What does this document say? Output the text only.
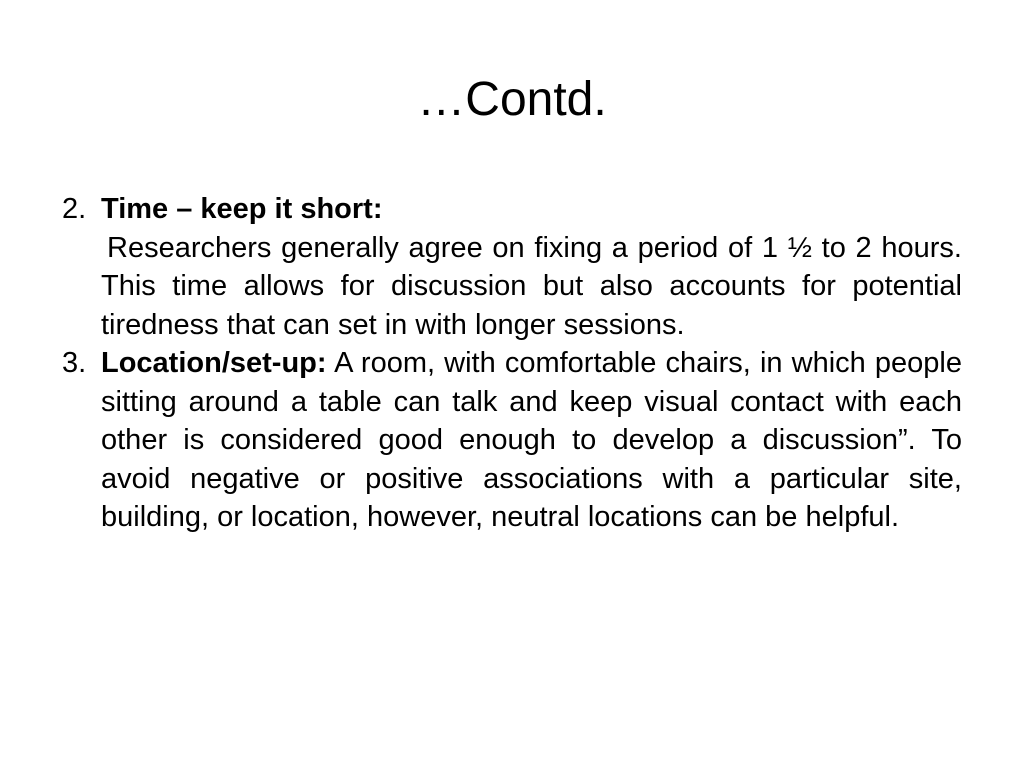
…Contd.
2. Time – keep it short:

Researchers generally agree on fixing a period of 1 ½ to 2 hours. This time allows for discussion but also accounts for potential tiredness that can set in with longer sessions.

3. Location/set-up: A room, with comfortable chairs, in which people sitting around a table can talk and keep visual contact with each other is considered good enough to develop a discussion”. To avoid negative or positive associations with a particular site, building, or location, however, neutral locations can be helpful.
